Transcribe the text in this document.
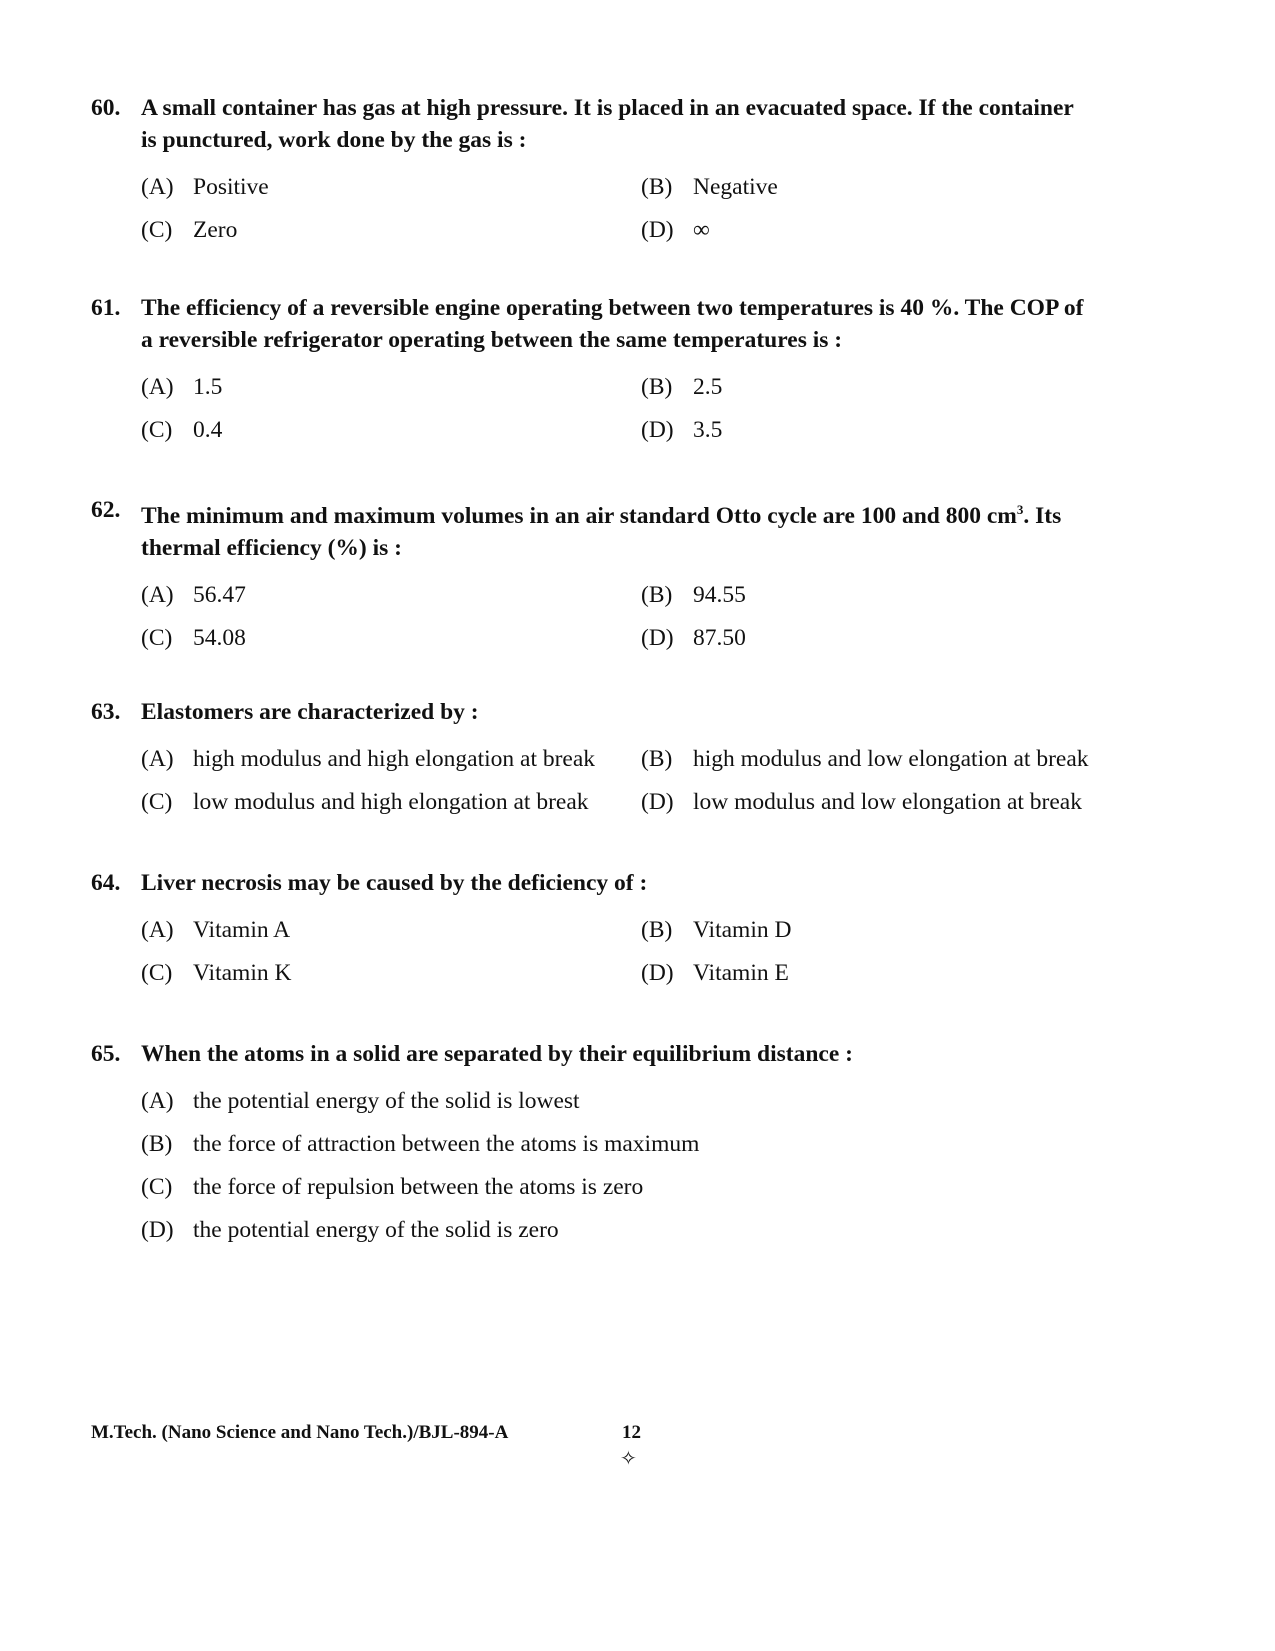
60. A small container has gas at high pressure. It is placed in an evacuated space. If the container is punctured, work done by the gas is :
(A) Positive	(B) Negative
(C) Zero	(D) ∞
61. The efficiency of a reversible engine operating between two temperatures is 40 %. The COP of a reversible refrigerator operating between the same temperatures is :
(A) 1.5	(B) 2.5
(C) 0.4	(D) 3.5
62. The minimum and maximum volumes in an air standard Otto cycle are 100 and 800 $cm^3$. Its thermal efficiency (%) is :
(A) 56.47	(B) 94.55
(C) 54.08	(D) 87.50
63. Elastomers are characterized by :
(A) high modulus and high elongation at break (B) high modulus and low elongation at break
(C) low modulus and high elongation at break (D) low modulus and low elongation at break
64. Liver necrosis may be caused by the deficiency of :
(A) Vitamin A	(B) Vitamin D
(C) Vitamin K	(D) Vitamin E
65. When the atoms in a solid are separated by their equilibrium distance :
(A) the potential energy of the solid is lowest
(B) the force of attraction between the atoms is maximum
(C) the force of repulsion between the atoms is zero
(D) the potential energy of the solid is zero
M.Tech. (Nano Science and Nano Tech.)/BJL-894-A	12
✧
